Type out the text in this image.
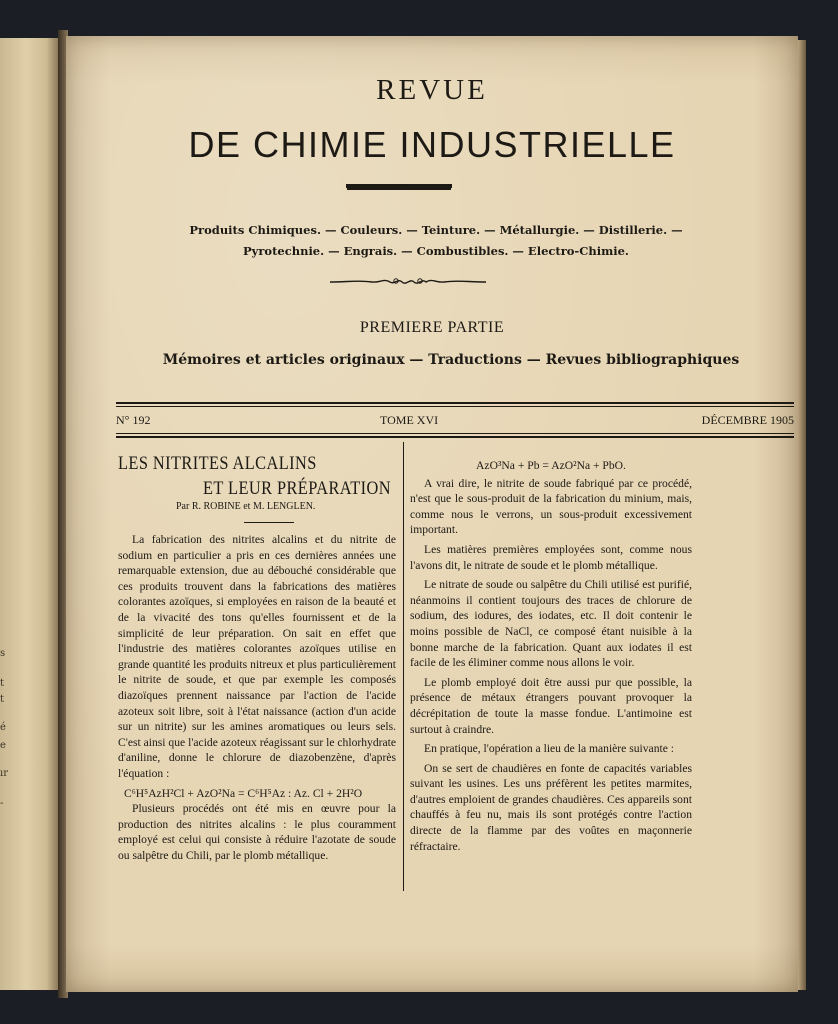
s
t
t
é
e
ır
-
REVUE
DE CHIMIE INDUSTRIELLE
Produits Chimiques. — Couleurs. — Teinture. — Métallurgie. — Distillerie. —
Pyrotechnie. — Engrais. — Combustibles. — Electro-Chimie.
PREMIERE PARTIE
Mémoires et articles originaux — Traductions — Revues bibliographiques
N° 192	TOME XVI	DÉCEMBRE 1905
LES NITRITES ALCALINS
ET LEUR PRÉPARATION
Par R. ROBINE et M. LENGLEN.

La fabrication des nitrites alcalins et du nitrite de sodium en particulier a pris en ces dernières années une remarquable extension, due au débouché considérable que ces produits trouvent dans la fabrications des matières colorantes azoïques, si employées en raison de la beauté et de la vivacité des tons qu'elles fournissent et de la simplicité de leur préparation. On sait en effet que l'industrie des matières colorantes azoïques utilise en grande quantité les produits nitreux et plus particulièrement le nitrite de soude, et que par exemple les composés diazoïques prennent naissance par l'action de l'acide azoteux soit libre, soit à l'état naissance (action d'un acide sur un nitrite) sur les amines aromatiques ou leurs sels. C'est ainsi que l'acide azoteux réagissant sur le chlorhydrate d'aniline, donne le chlorure de diazobenzène, d'après l'équation :

C⁶H⁵AzH²Cl + AzO²Na = C⁶H⁵Az : Az. Cl + 2H²O

Plusieurs procédés ont été mis en œuvre pour la production des nitrites alcalins : le plus couramment employé est celui qui consiste à réduire l'azotate de soude ou salpêtre du Chili, par le plomb métallique.

AzO³Na + Pb = AzO²Na + PbO.

A vrai dire, le nitrite de soude fabriqué par ce procédé, n'est que le sous-produit de la fabrication du minium, mais, comme nous le verrons, un sous-produit excessivement important.

Les matières premières employées sont, comme nous l'avons dit, le nitrate de soude et le plomb métallique.

Le nitrate de soude ou salpêtre du Chili utilisé est purifié, néanmoins il contient toujours des traces de chlorure de sodium, des iodures, des iodates, etc. Il doit contenir le moins possible de NaCl, ce composé étant nuisible à la bonne marche de la fabrication. Quant aux iodates il est facile de les éliminer comme nous allons le voir.

Le plomb employé doit être aussi pur que possible, la présence de métaux étrangers pouvant provoquer la décrépitation de toute la masse fondue. L'antimoine est surtout à craindre.

En pratique, l'opération a lieu de la manière suivante :

On se sert de chaudières en fonte de capacités variables suivant les usines. Les uns préfèrent les petites marmites, d'autres emploient de grandes chaudières. Ces appareils sont chauffés à feu nu, mais ils sont protégés contre l'action directe de la flamme par des voûtes en maçonnerie réfractaire.
